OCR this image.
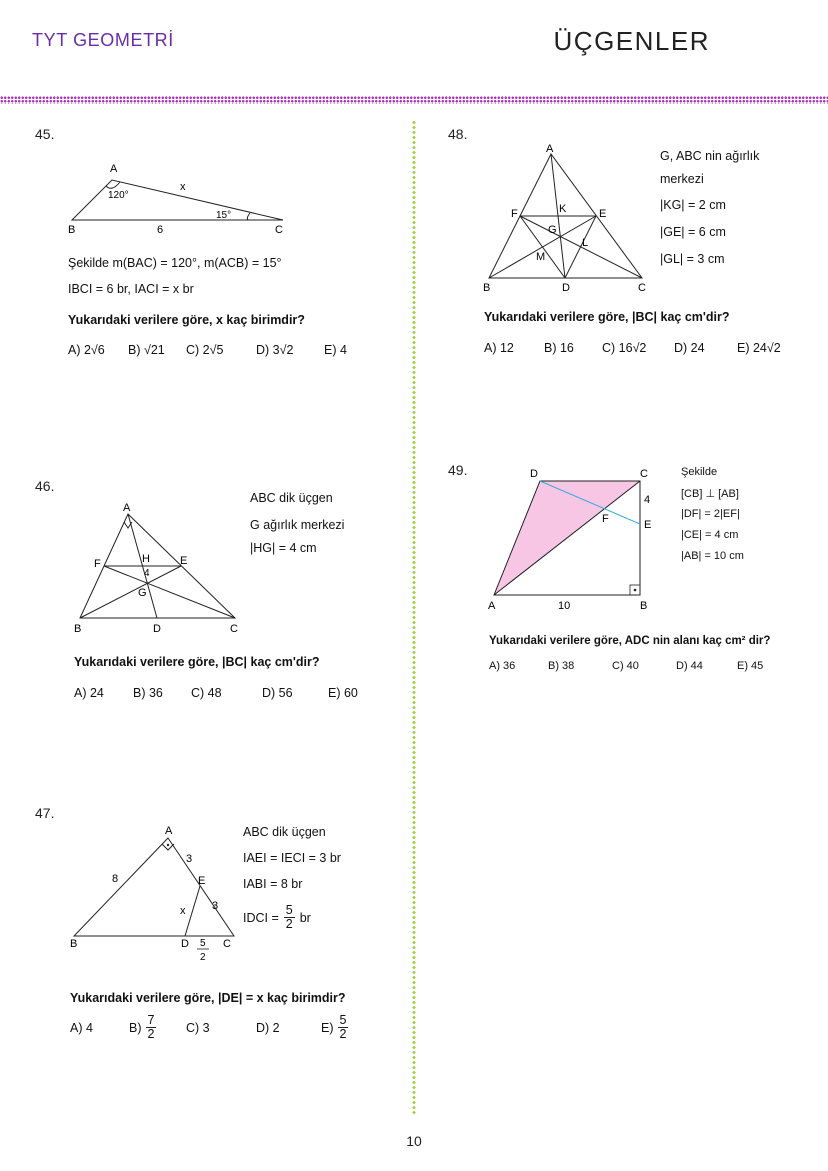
TYT GEOMETRİ	ÜÇGENLER
45.
A
120°
x
15°
B	6	C
Şekilde m(BAC) = 120°, m(ACB) = 15°
IBCI = 6 br, IACI = x br
Yukarıdaki verilere göre, x kaç birimdir?
A) 2√6 B) √21 C) 2√5	D) 3√2 E) 4
46.
A
F	H	E
4
G
B	D	C
ABC dik üçgen
G ağırlık merkezi
|HG| = 4 cm
Yukarıdaki verilere göre, |BC| kaç cm'dir?
A) 24 B) 36 C) 48	D) 56	E) 60
47.
A
8
3
E
3
x
B	D 5
2
C
ABC dik üçgen
IAEI = IECI = 3 br
IABI = 8 br
IDCI = $\frac{5}{2}$ br
Yukarıdaki verilere göre, |DE| = x kaç birimdir?
A) 4	$B) \frac{7}{2} C$) 3	D) 2	$E) \frac{5}{2}$
48.
A
F	K	E
G
L
M
B	D	C
G, ABC nin ağırlık
merkezi
|KG| = 2 cm
|GE| = 6 cm
|GL| = 3 cm
Yukarıdaki verilere göre, |BC| kaç cm'dir?
A) 12 B) 16 C) 16√2 D) 24	E) 24√2
49.	D	C
4
E
F
A	10	B
Şekilde
[CB] ⊥ [AB]
|DF| = 2|EF|
|CE| = 4 cm
|AB| = 10 cm
Yukarıdaki verilere göre, ADC nin alanı kaç cm² dir?
A) 36	B) 38	C) 40	D) 44	E) 45
10
